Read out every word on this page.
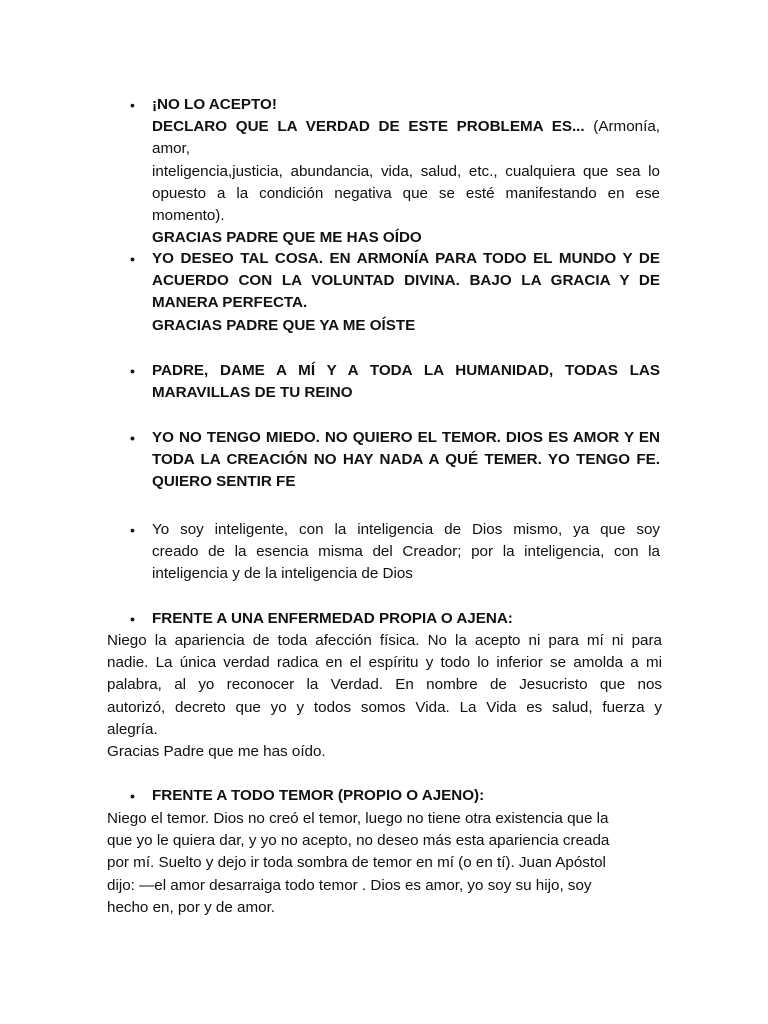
• ¡NO LO ACEPTO!
DECLARO QUE LA VERDAD DE ESTE PROBLEMA ES... (Armonía, amor,
inteligencia,justicia, abundancia, vida, salud, etc., cualquiera que sea lo
opuesto a la condición negativa que se esté manifestando en ese
momento).
GRACIAS PADRE QUE ME HAS OÍDO
• YO DESEO TAL COSA. EN ARMONÍA PARA TODO EL MUNDO Y DE
ACUERDO CON LA VOLUNTAD DIVINA. BAJO LA GRACIA Y DE
MANERA PERFECTA.
GRACIAS PADRE QUE YA ME OÍSTE
• PADRE, DAME A MÍ Y A TODA LA HUMANIDAD, TODAS LAS
MARAVILLAS DE TU REINO
• YO NO TENGO MIEDO. NO QUIERO EL TEMOR. DIOS ES AMOR Y EN
TODA LA CREACIÓN NO HAY NADA A QUÉ TEMER. YO TENGO FE.
QUIERO SENTIR FE
• Yo soy inteligente, con la inteligencia de Dios mismo, ya que soy
creado de la esencia misma del Creador; por la inteligencia, con la
inteligencia y de la inteligencia de Dios
• FRENTE A UNA ENFERMEDAD PROPIA O AJENA:
Niego la apariencia de toda afección física. No la acepto ni para mí ni para
nadie. La única verdad radica en el espíritu y todo lo inferior se amolda a mi
palabra, al yo reconocer la Verdad. En nombre de Jesucristo que nos
autorizó, decreto que yo y todos somos Vida. La Vida es salud, fuerza y
alegría.
Gracias Padre que me has oído.
• FRENTE A TODO TEMOR (PROPIO O AJENO):
Niego el temor. Dios no creó el temor, luego no tiene otra existencia que la
que yo le quiera dar, y yo no acepto, no deseo más esta apariencia creada
por mí. Suelto y dejo ir toda sombra de temor en mí (o en tí). Juan Apóstol
dijo: —el amor desarraiga todo temor . Dios es amor, yo soy su hijo, soy
hecho en, por y de amor.
